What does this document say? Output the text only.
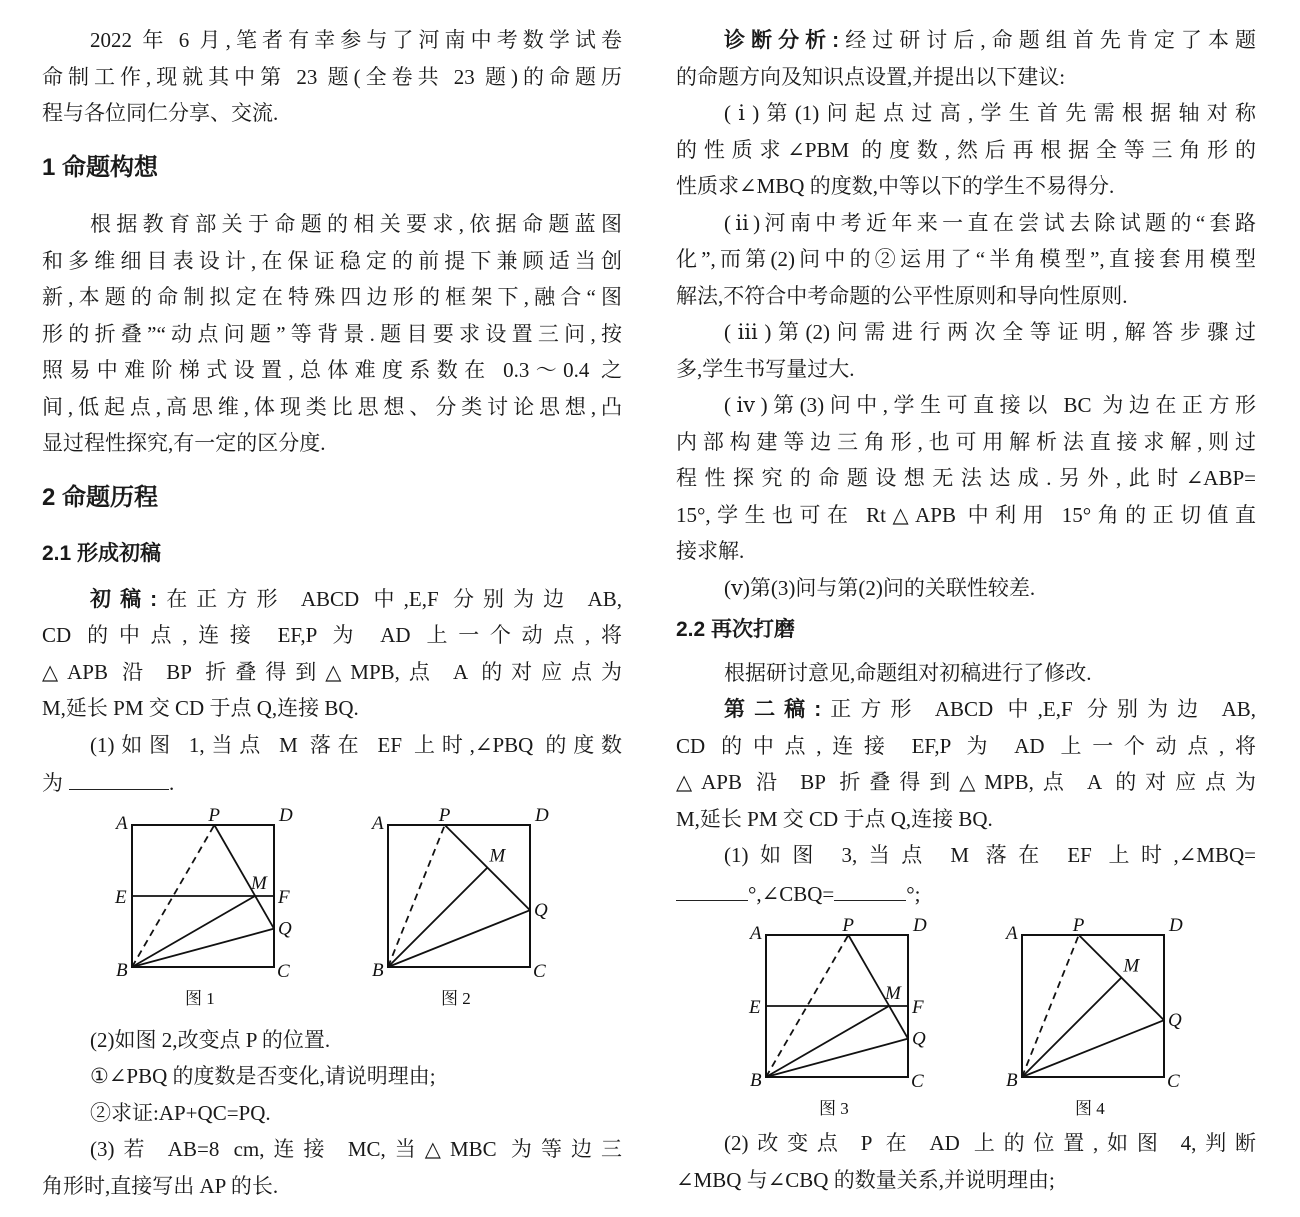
2022 年 6 月,笔者有幸参与了河南中考数学试卷
命制工作,现就其中第 23 题(全卷共 23 题)的命题历
程与各位同仁分享、交流.
1 命题构想
根据教育部关于命题的相关要求,依据命题蓝图
和多维细目表设计,在保证稳定的前提下兼顾适当创
新,本题的命制拟定在特殊四边形的框架下,融合“图
形的折叠”“动点问题”等背景.题目要求设置三问,按
照易中难阶梯式设置,总体难度系数在 0.3～0.4 之
间,低起点,高思维,体现类比思想、分类讨论思想,凸
显过程性探究,有一定的区分度.
2 命题历程
2.1 形成初稿
初稿:在正方形 ABCD 中,E,F 分别为边 AB,
CD 的中点,连接 EF,P 为 AD 上一个动点,将
△APB 沿 BP 折叠得到△MPB,点 A 的对应点为
M,延长 PM 交 CD 于点 Q,连接 BQ.
(1)如图 1,当点 M 落在 EF 上时,∠PBQ 的度数
为	.
A
B	C
D
E	F
P
M
Q
图 1
A
B	C
D
P
M
Q
图 2
(2)如图 2,改变点 P 的位置.
①∠PBQ 的度数是否变化,请说明理由;
②求证:AP+QC=PQ.
(3)若 AB=8 cm,连接 MC,当△MBC 为等边三
角形时,直接写出 AP 的长.
诊断分析:经过研讨后,命题组首先肯定了本题
的命题方向及知识点设置,并提出以下建议:
(ⅰ)第(1)问起点过高,学生首先需根据轴对称
的性质求∠PBM 的度数,然后再根据全等三角形的
性质求∠MBQ 的度数,中等以下的学生不易得分.
(ⅱ)河南中考近年来一直在尝试去除试题的“套路
化”,而第(2)问中的②运用了“半角模型”,直接套用模型
解法,不符合中考命题的公平性原则和导向性原则.
(ⅲ)第(2)问需进行两次全等证明,解答步骤过
多,学生书写量过大.
(ⅳ)第(3)问中,学生可直接以 BC 为边在正方形
内部构建等边三角形,也可用解析法直接求解,则过
程性探究的命题设想无法达成.另外,此时∠ABP=
15°,学生也可在 Rt△APB 中利用 15°角的正切值直
接求解.
(ⅴ)第(3)问与第(2)问的关联性较差.
2.2 再次打磨
根据研讨意见,命题组对初稿进行了修改.
第二稿:正方形 ABCD 中,E,F 分别为边 AB,
CD 的中点,连接 EF,P 为 AD 上一个动点,将
△APB 沿 BP 折叠得到△MPB,点 A 的对应点为
M,延长 PM 交 CD 于点 Q,连接 BQ.
(1)如图 3,当点 M 落在 EF 上时,∠MBQ=
°,∠CBQ=	°;
A
B	C
D
E	F
P
M
Q
图 3
A
B	C
D
P
M
Q
图 4
(2)改变点 P 在 AD 上的位置,如图 4,判断
∠MBQ 与∠CBQ 的数量关系,并说明理由;
